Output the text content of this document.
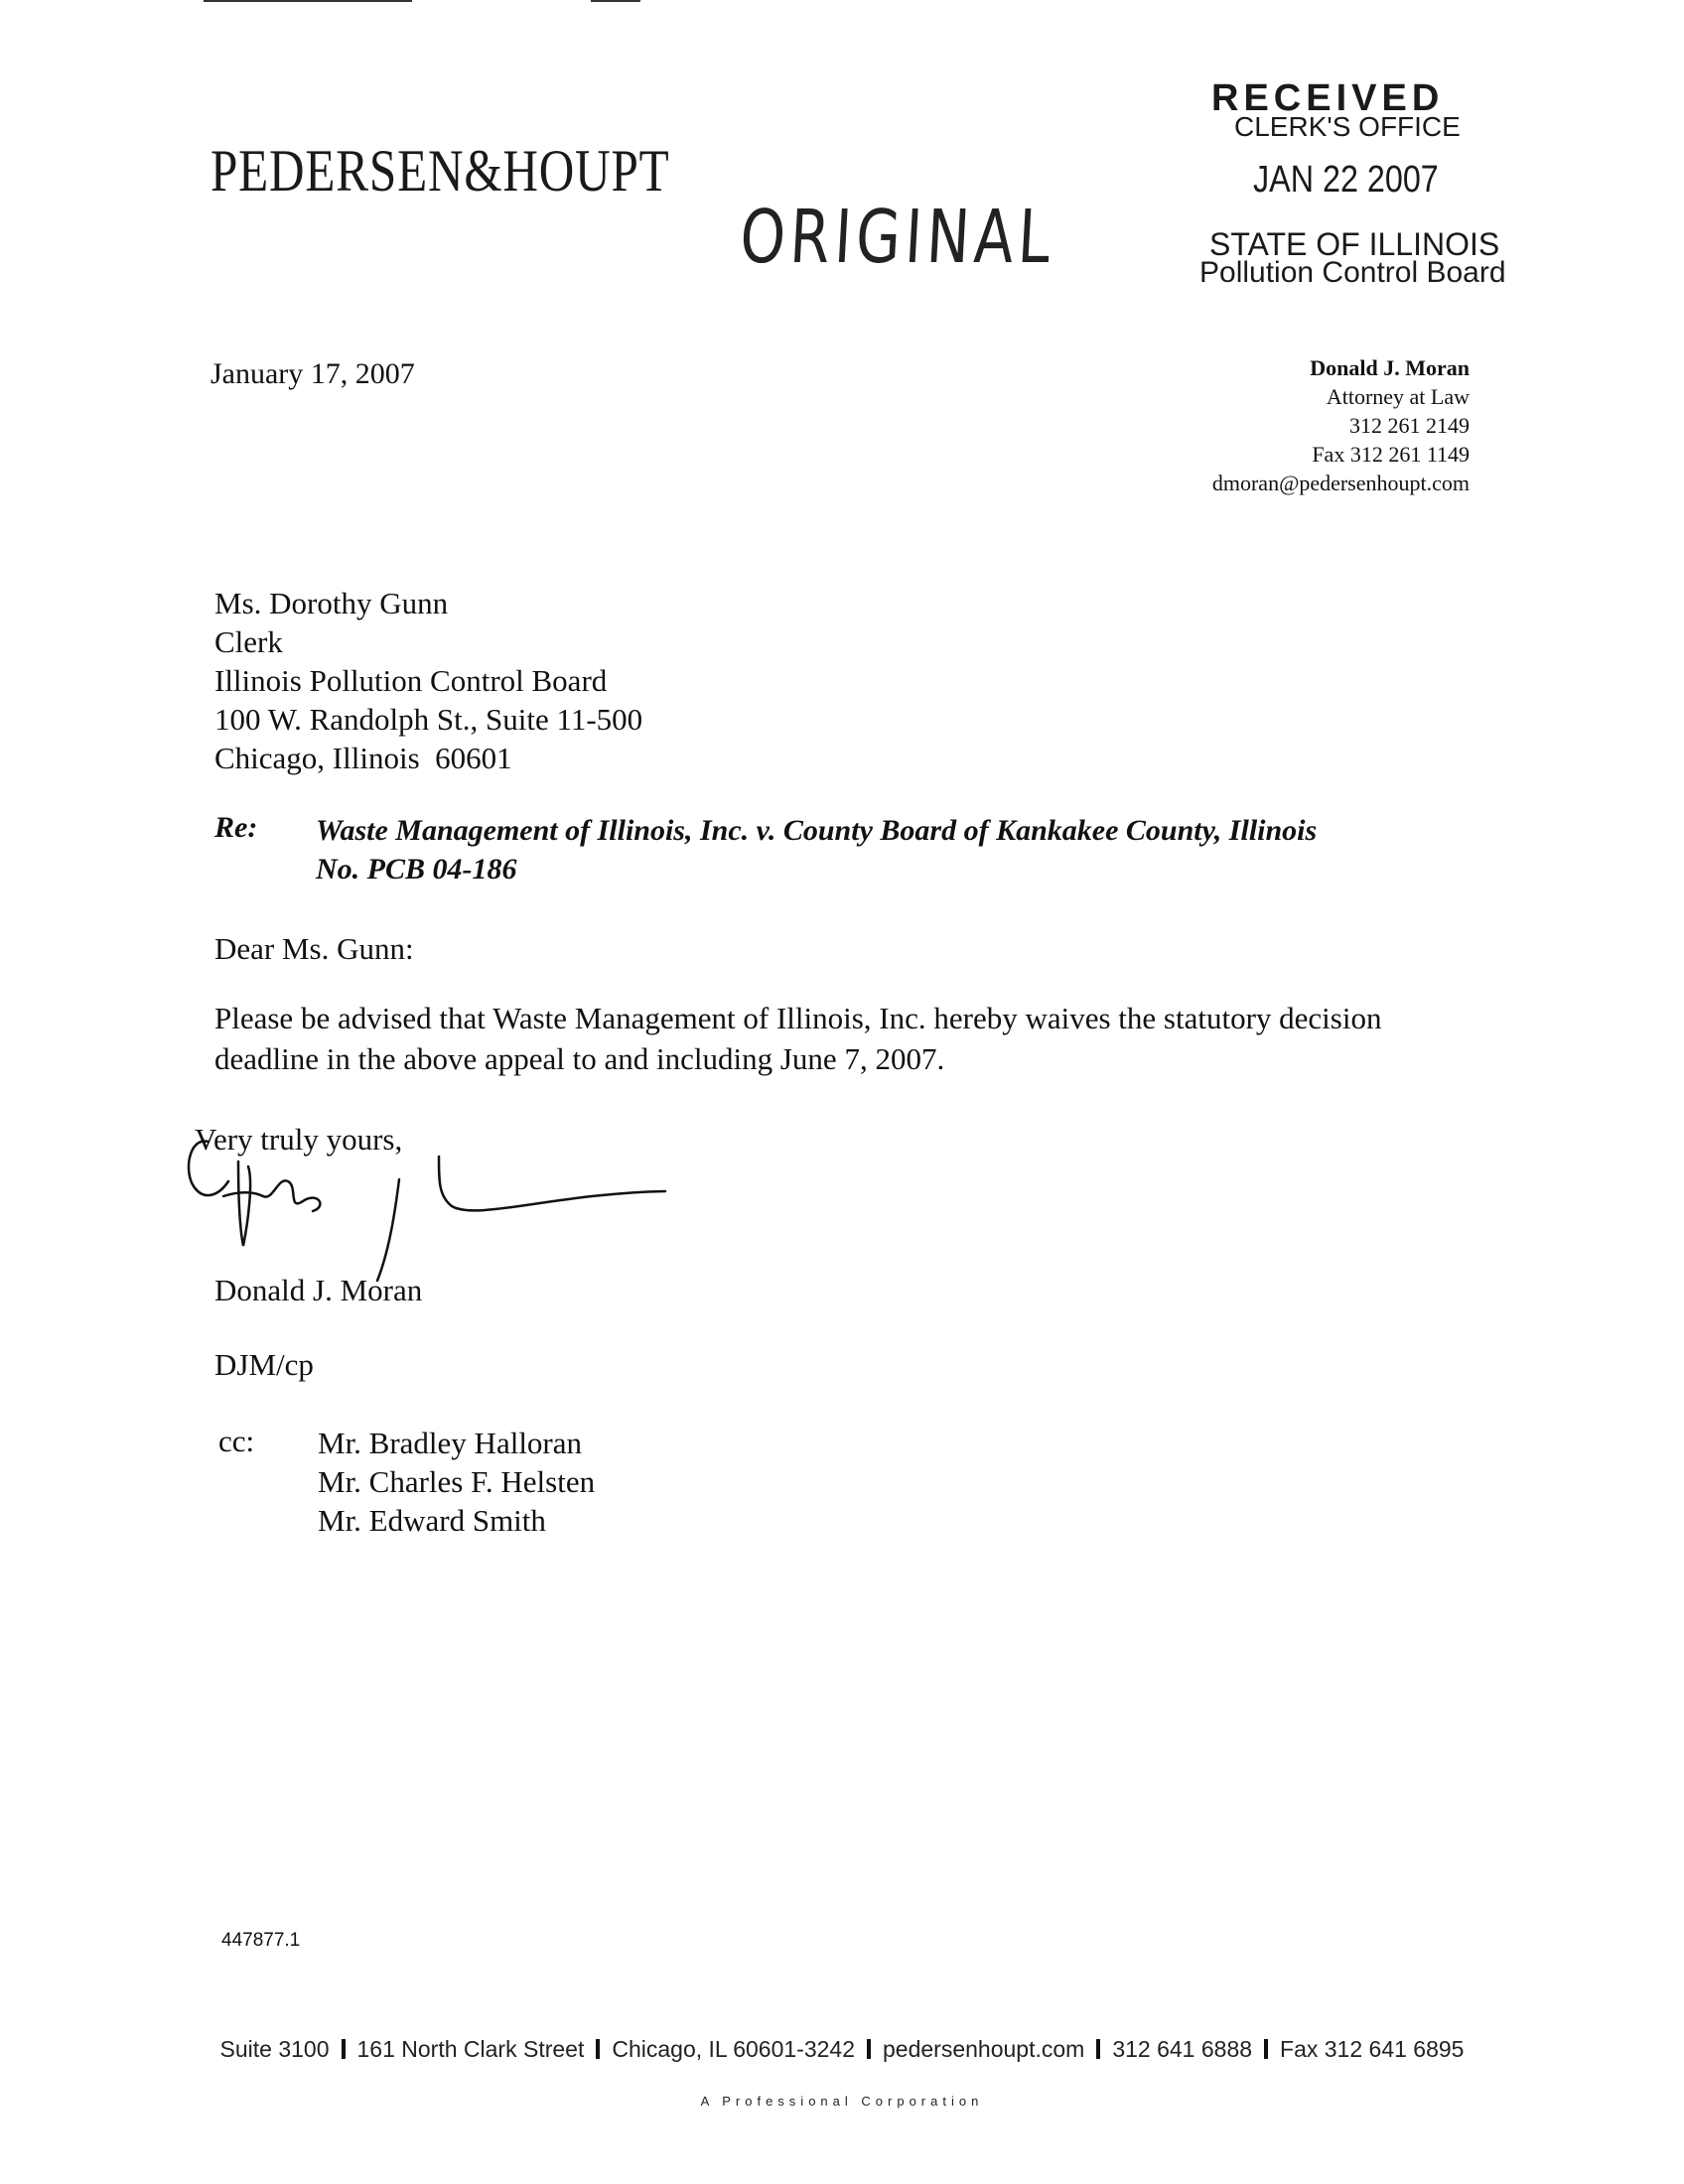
PEDERSEN&HOUPT
ORIGINAL
RECEIVED
CLERK'S OFFICE
JAN 22 2007
STATE OF ILLINOIS
Pollution Control Board
January 17, 2007	Donald J. Moran
Attorney at Law
312 261 2149
Fax 312 261 1149
dmoran@pedersenhoupt.com
Ms. Dorothy Gunn
Clerk
Illinois Pollution Control Board
100 W. Randolph St., Suite 11-500
Chicago, Illinois  60601
Re: Waste Management of Illinois, Inc. v. County Board of Kankakee County, Illinois
No. PCB 04-186
Dear Ms. Gunn:
Please be advised that Waste Management of Illinois, Inc. hereby waives the statutory decision
deadline in the above appeal to and including June 7, 2007.
Very truly yours,
Donald J. Moran
DJM/cp
cc: Mr. Bradley Halloran
Mr. Charles F. Helsten
Mr. Edward Smith
447877.1
Suite 3100 161 North Clark Street Chicago, IL 60601-3242 pedersenhoupt.com 312 641 6888 Fax 312 641 6895
A Professional Corporation
